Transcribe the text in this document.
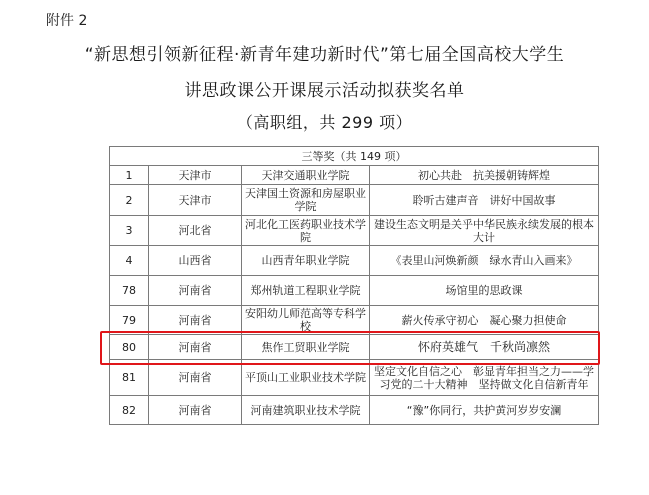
附件 2
“新思想引领新征程·新青年建功新时代”第七届全国高校大学生
讲思政课公开课展示活动拟获奖名单
（高职组，共 299 项）
三等奖（共 149 项）			
1	天津市	天津交通职业学院	初心共赴　抗美援朝铸辉煌
2	天津市	天津国土资源和房屋职业学院	聆听古建声音　讲好中国故事
3	河北省	河北化工医药职业技术学院	建设生态文明是关乎中华民族永续发展的根本大计
4	山西省	山西青年职业学院	《表里山河焕新颜　绿水青山入画来》
78	河南省	郑州轨道工程职业学院	场馆里的思政课
79	河南省	安阳幼儿师范高等专科学校	薪火传承守初心　凝心聚力担使命
80	河南省	焦作工贸职业学院	怀府英雄气　千秋尚凛然
81	河南省	平顶山工业职业技术学院	坚定文化自信之心　彰显青年担当之力——学习党的二十大精神　坚持做文化自信新青年
82	河南省	河南建筑职业技术学院	“豫”你同行，共护黄河岁岁安澜
